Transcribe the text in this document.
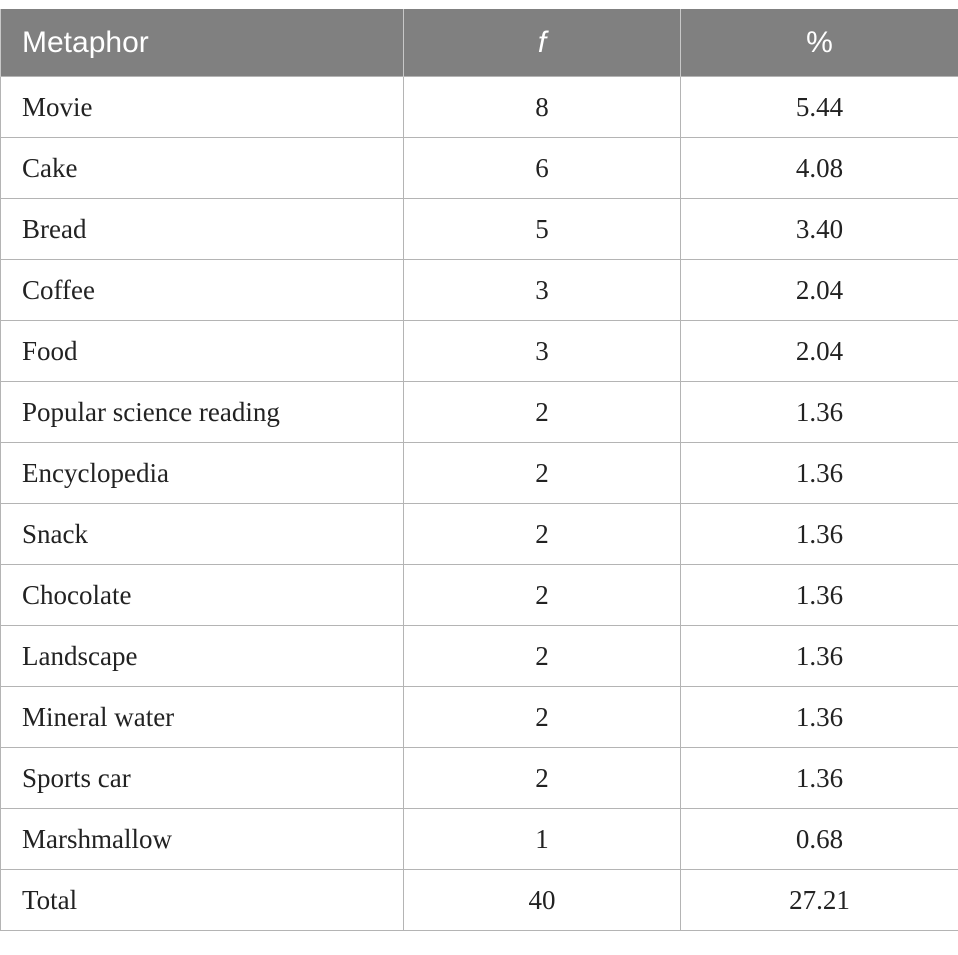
Metaphor	f	%
Movie	8	5.44
Cake	6	4.08
Bread	5	3.40
Coffee	3	2.04
Food	3	2.04
Popular science reading	2	1.36
Encyclopedia	2	1.36
Snack	2	1.36
Chocolate	2	1.36
Landscape	2	1.36
Mineral water	2	1.36
Sports car	2	1.36
Marshmallow	1	0.68
Total	40	27.21
